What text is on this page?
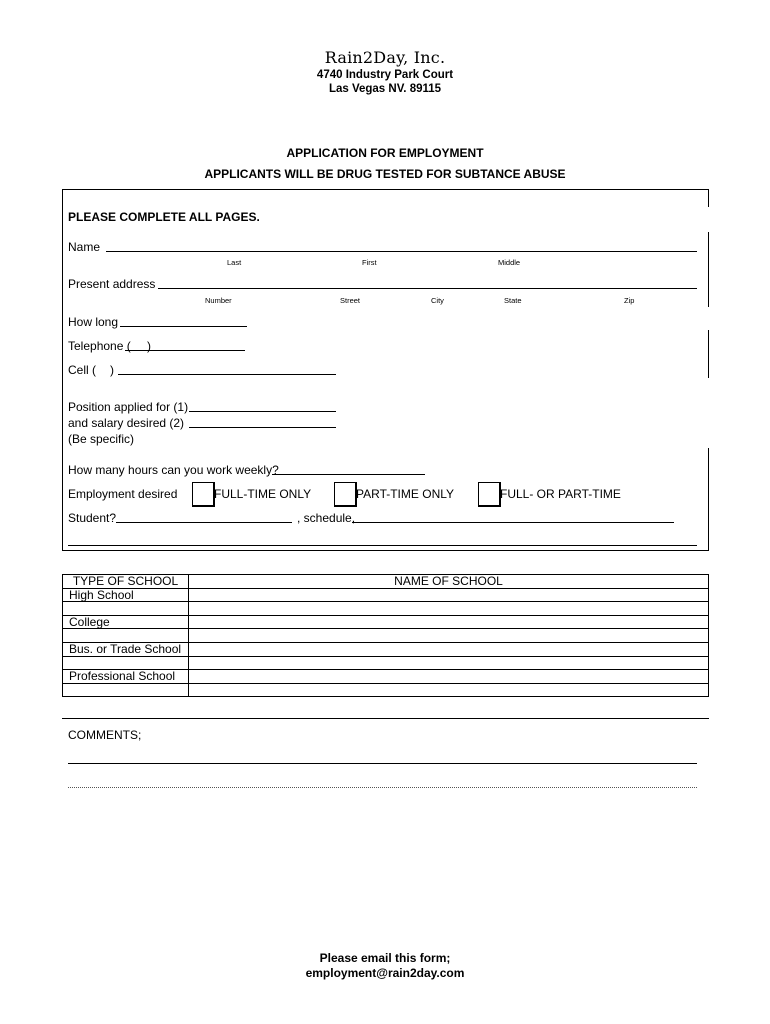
Rain2Day, Inc.
4740 Industry Park Court
Las Vegas NV. 89115
APPLICATION FOR EMPLOYMENT
APPLICANTS WILL BE DRUG TESTED FOR SUBTANCE ABUSE
PLEASE COMPLETE ALL PAGES.
Name
Last	First	Middle
Present address
Number	Street	City	State	Zip
How long
Telephone ( )
Cell ( )
Position applied for (1)
and salary desired (2)
(Be specific)
How many hours can you work weekly?
Employment desired	FULL-TIME ONLY	PART-TIME ONLY	FULL- OR PART-TIME
Student?	, schedule,
TYPE OF SCHOOL	NAME OF SCHOOL
High School	

College	

Bus. or Trade School	

Professional School	

COMMENTS;
Please email this form;
employment@rain2day.com
